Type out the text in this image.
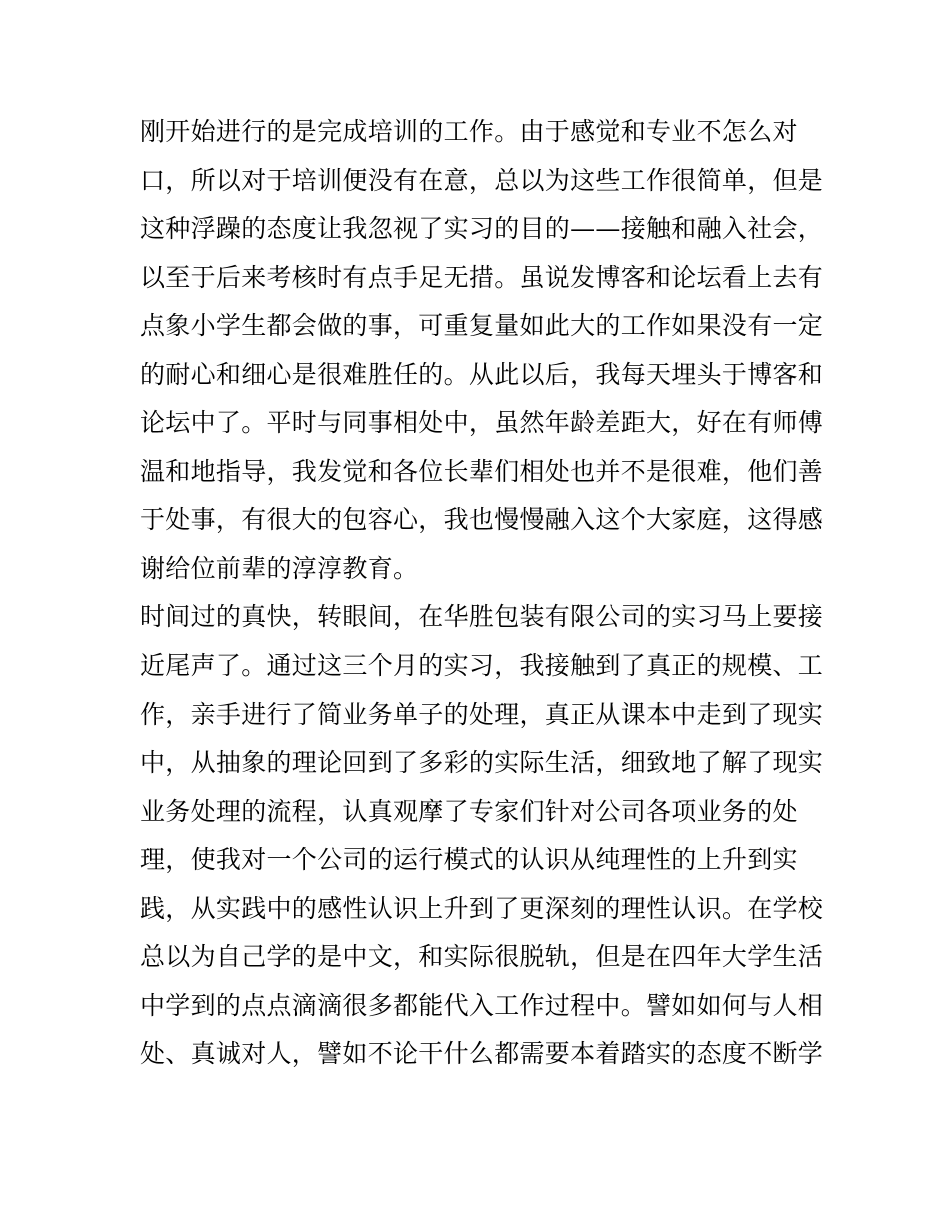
刚开始进行的是完成培训的工作。由于感觉和专业不怎么对
口，所以对于培训便没有在意，总以为这些工作很简单，但是
这种浮躁的态度让我忽视了实习的目的——接触和融入社会，
以至于后来考核时有点手足无措。虽说发博客和论坛看上去有
点象小学生都会做的事，可重复量如此大的工作如果没有一定
的耐心和细心是很难胜任的。从此以后，我每天埋头于博客和
论坛中了。平时与同事相处中，虽然年龄差距大，好在有师傅
温和地指导，我发觉和各位长辈们相处也并不是很难，他们善
于处事，有很大的包容心，我也慢慢融入这个大家庭，这得感
谢给位前辈的淳淳教育。
时间过的真快，转眼间，在华胜包装有限公司的实习马上要接
近尾声了。通过这三个月的实习，我接触到了真正的规模、工
作，亲手进行了简业务单子的处理，真正从课本中走到了现实
中，从抽象的理论回到了多彩的实际生活，细致地了解了现实
业务处理的流程，认真观摩了专家们针对公司各项业务的处
理，使我对一个公司的运行模式的认识从纯理性的上升到实
践，从实践中的感性认识上升到了更深刻的理性认识。在学校
总以为自己学的是中文，和实际很脱轨，但是在四年大学生活
中学到的点点滴滴很多都能代入工作过程中。譬如如何与人相
处、真诚对人，譬如不论干什么都需要本着踏实的态度不断学
